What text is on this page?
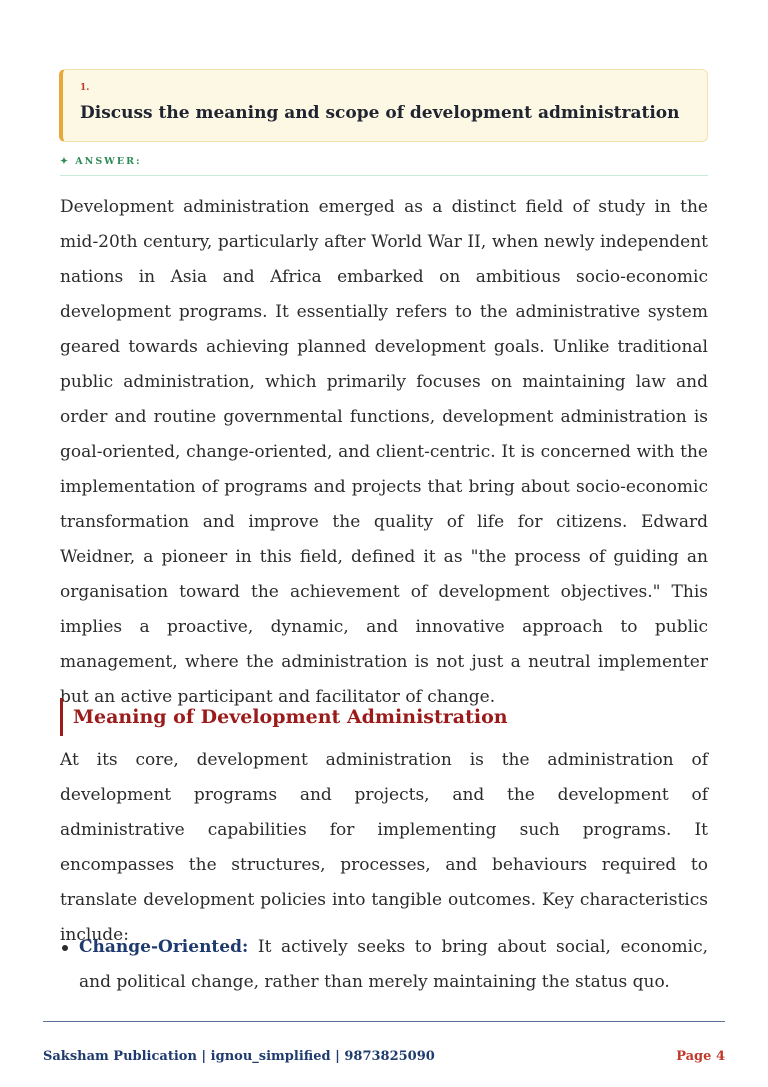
1.
Discuss the meaning and scope of development administration
✦ ANSWER:

Development administration emerged as a distinct field of study in the mid-20th century, particularly after World War II, when newly independent nations in Asia and Africa embarked on ambitious socio-economic development programs. It essentially refers to the administrative system geared towards achieving planned development goals. Unlike traditional public administration, which primarily focuses on maintaining law and order and routine governmental functions, development administration is goal-oriented, change-oriented, and client-centric. It is concerned with the implementation of programs and projects that bring about socio-economic transformation and improve the quality of life for citizens. Edward Weidner, a pioneer in this field, defined it as "the process of guiding an organisation toward the achievement of development objectives." This implies a proactive, dynamic, and innovative approach to public management, where the administration is not just a neutral implementer but an active participant and facilitator of change.

Meaning of Development Administration

At its core, development administration is the administration of development programs and projects, and the development of administrative capabilities for implementing such programs. It encompasses the structures, processes, and behaviours required to translate development policies into tangible outcomes. Key characteristics include:

Change-Oriented: It actively seeks to bring about social, economic, and political change, rather than merely maintaining the status quo.
Saksham Publication | ignou_simplified | 9873825090	Page 4
